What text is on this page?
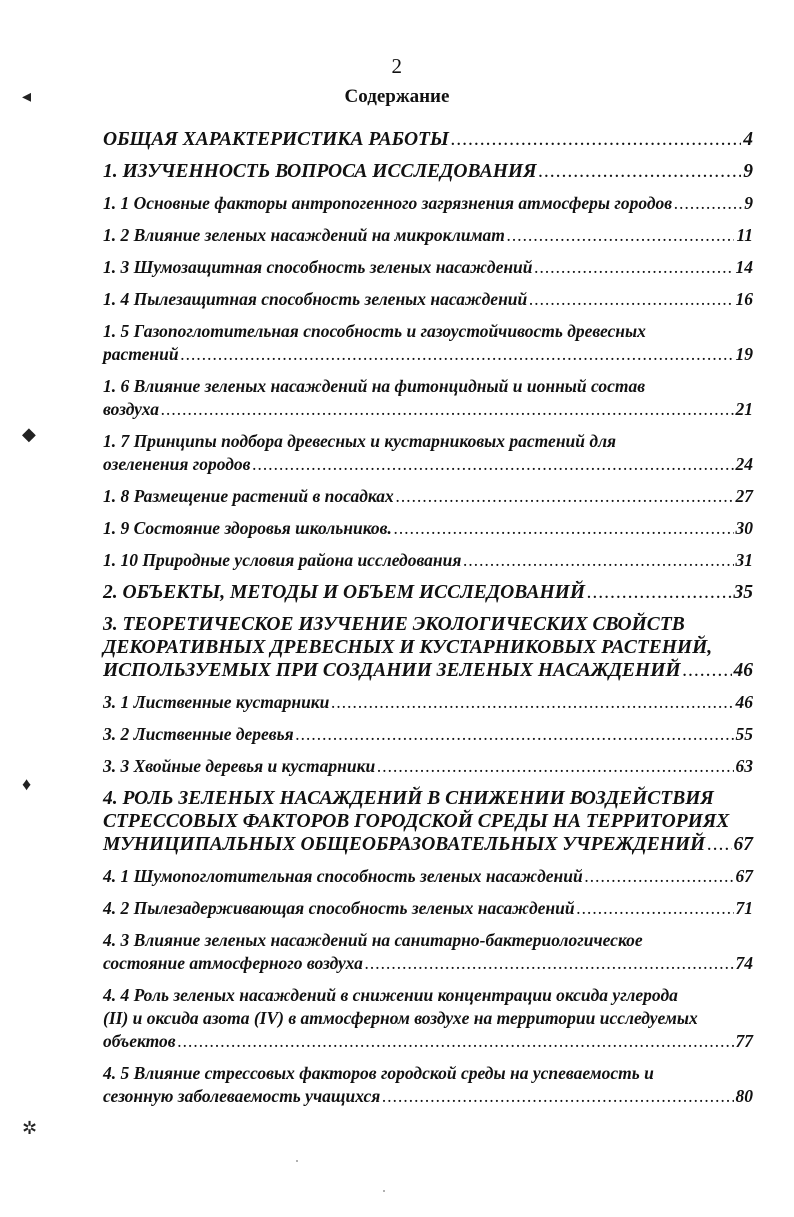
2
Содержание
ОБЩАЯ ХАРАКТЕРИСТИКА РАБОТЫ .....	4
1. ИЗУЧЕННОСТЬ ВОПРОСА ИССЛЕДОВАНИЯ .....	9
1. 1 Основные факторы антропогенного загрязнения атмосферы городов .....	9
1. 2 Влияние зеленых насаждений на микроклимат .....	11
1. 3 Шумозащитная способность зеленых насаждений .....	14
1. 4 Пылезащитная способность зеленых насаждений .....	16
1. 5 Газопоглотительная способность и газоустойчивость древесных
растений .....	19
1. 6 Влияние зеленых насаждений на фитонцидный и ионный состав
воздуха .....	21
1. 7 Принципы подбора древесных и кустарниковых растений для
озеленения городов .....	24
1. 8 Размещение растений в посадках .....	27
1. 9 Состояние здоровья школьников. .....	30
1. 10 Природные условия района исследования .....	31
2. ОБЪЕКТЫ, МЕТОДЫ И ОБЪЕМ ИССЛЕДОВАНИЙ .....	35
3. ТЕОРЕТИЧЕСКОЕ ИЗУЧЕНИЕ ЭКОЛОГИЧЕСКИХ СВОЙСТВ
ДЕКОРАТИВНЫХ ДРЕВЕСНЫХ И КУСТАРНИКОВЫХ РАСТЕНИЙ,
ИСПОЛЬЗУЕМЫХ ПРИ СОЗДАНИИ ЗЕЛЕНЫХ НАСАЖДЕНИЙ .....	46
3. 1 Лиственные кустарники .....	46
3. 2 Лиственные деревья .....	55
3. 3 Хвойные деревья и кустарники .....	63
4. РОЛЬ ЗЕЛЕНЫХ НАСАЖДЕНИЙ В СНИЖЕНИИ ВОЗДЕЙСТВИЯ
СТРЕССОВЫХ ФАКТОРОВ ГОРОДСКОЙ СРЕДЫ НА ТЕРРИТОРИЯХ
МУНИЦИПАЛЬНЫХ ОБЩЕОБРАЗОВАТЕЛЬНЫХ УЧРЕЖДЕНИЙ ..... 67
4. 1 Шумопоглотительная способность зеленых насаждений .....	67
4. 2 Пылезадерживающая способность зеленых насаждений .....	71
4. 3 Влияние зеленых насаждений на санитарно-бактериологическое
состояние атмосферного воздуха .....	74
4. 4 Роль зеленых насаждений в снижении концентрации оксида углерода
(II) и оксида азота (IV) в атмосферном воздухе на территории исследуемых
объектов .....	77
4. 5 Влияние стрессовых факторов городской среды на успеваемость и
сезонную заболеваемость учащихся .....	80
◂
◆
♦
✲
